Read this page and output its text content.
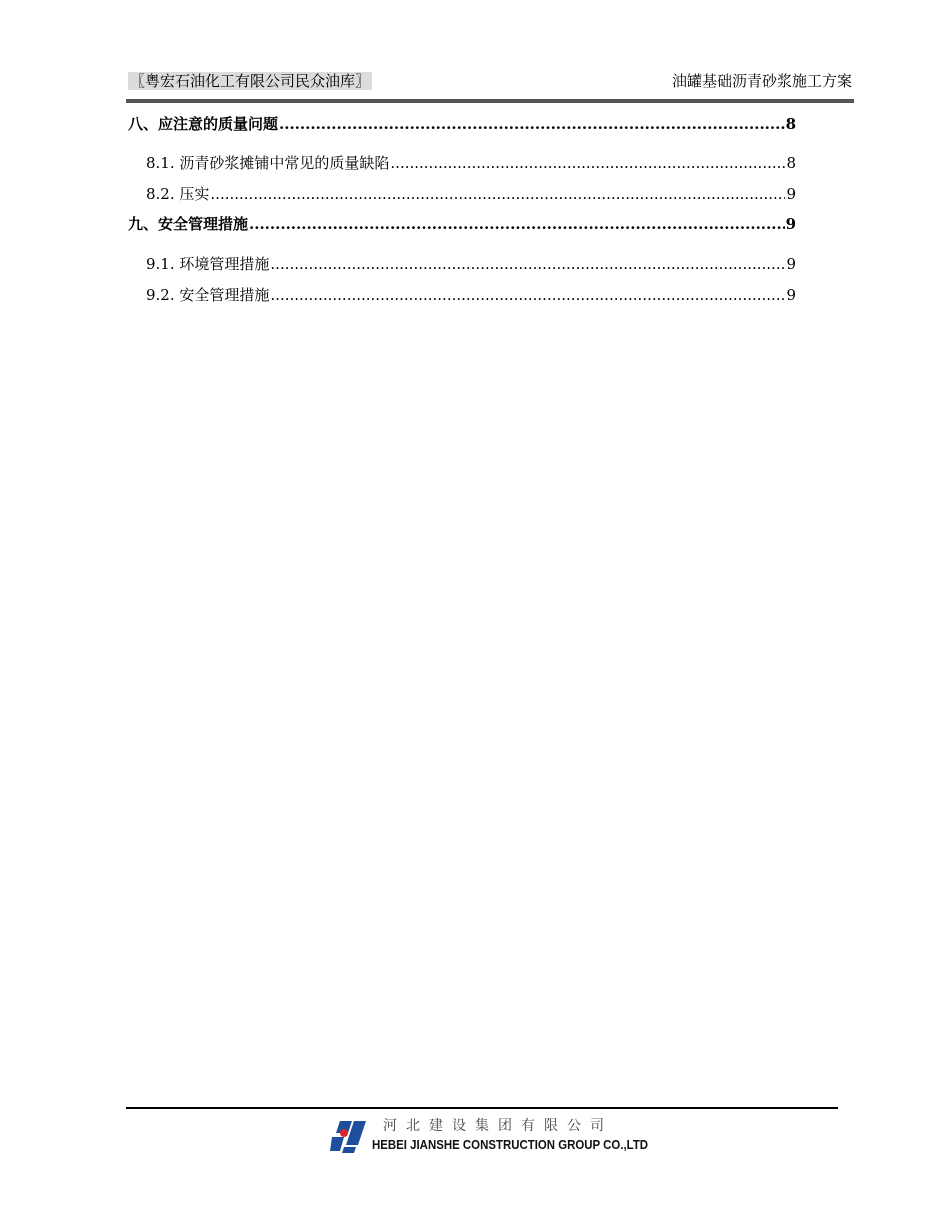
〖粤宏石油化工有限公司民众油库〗	油罐基础沥青砂浆施工方案
八、应注意的质量问题 .....	8
8.1. 沥青砂浆摊铺中常见的质量缺陷 .....	8
8.2. 压实 .....	9
九、安全管理措施 .....	9
9.1. 环境管理措施 .....	9
9.2. 安全管理措施 .....	9
河北建设集团有限公司
HEBEI JIANSHE CONSTRUCTION GROUP CO.,LTD
